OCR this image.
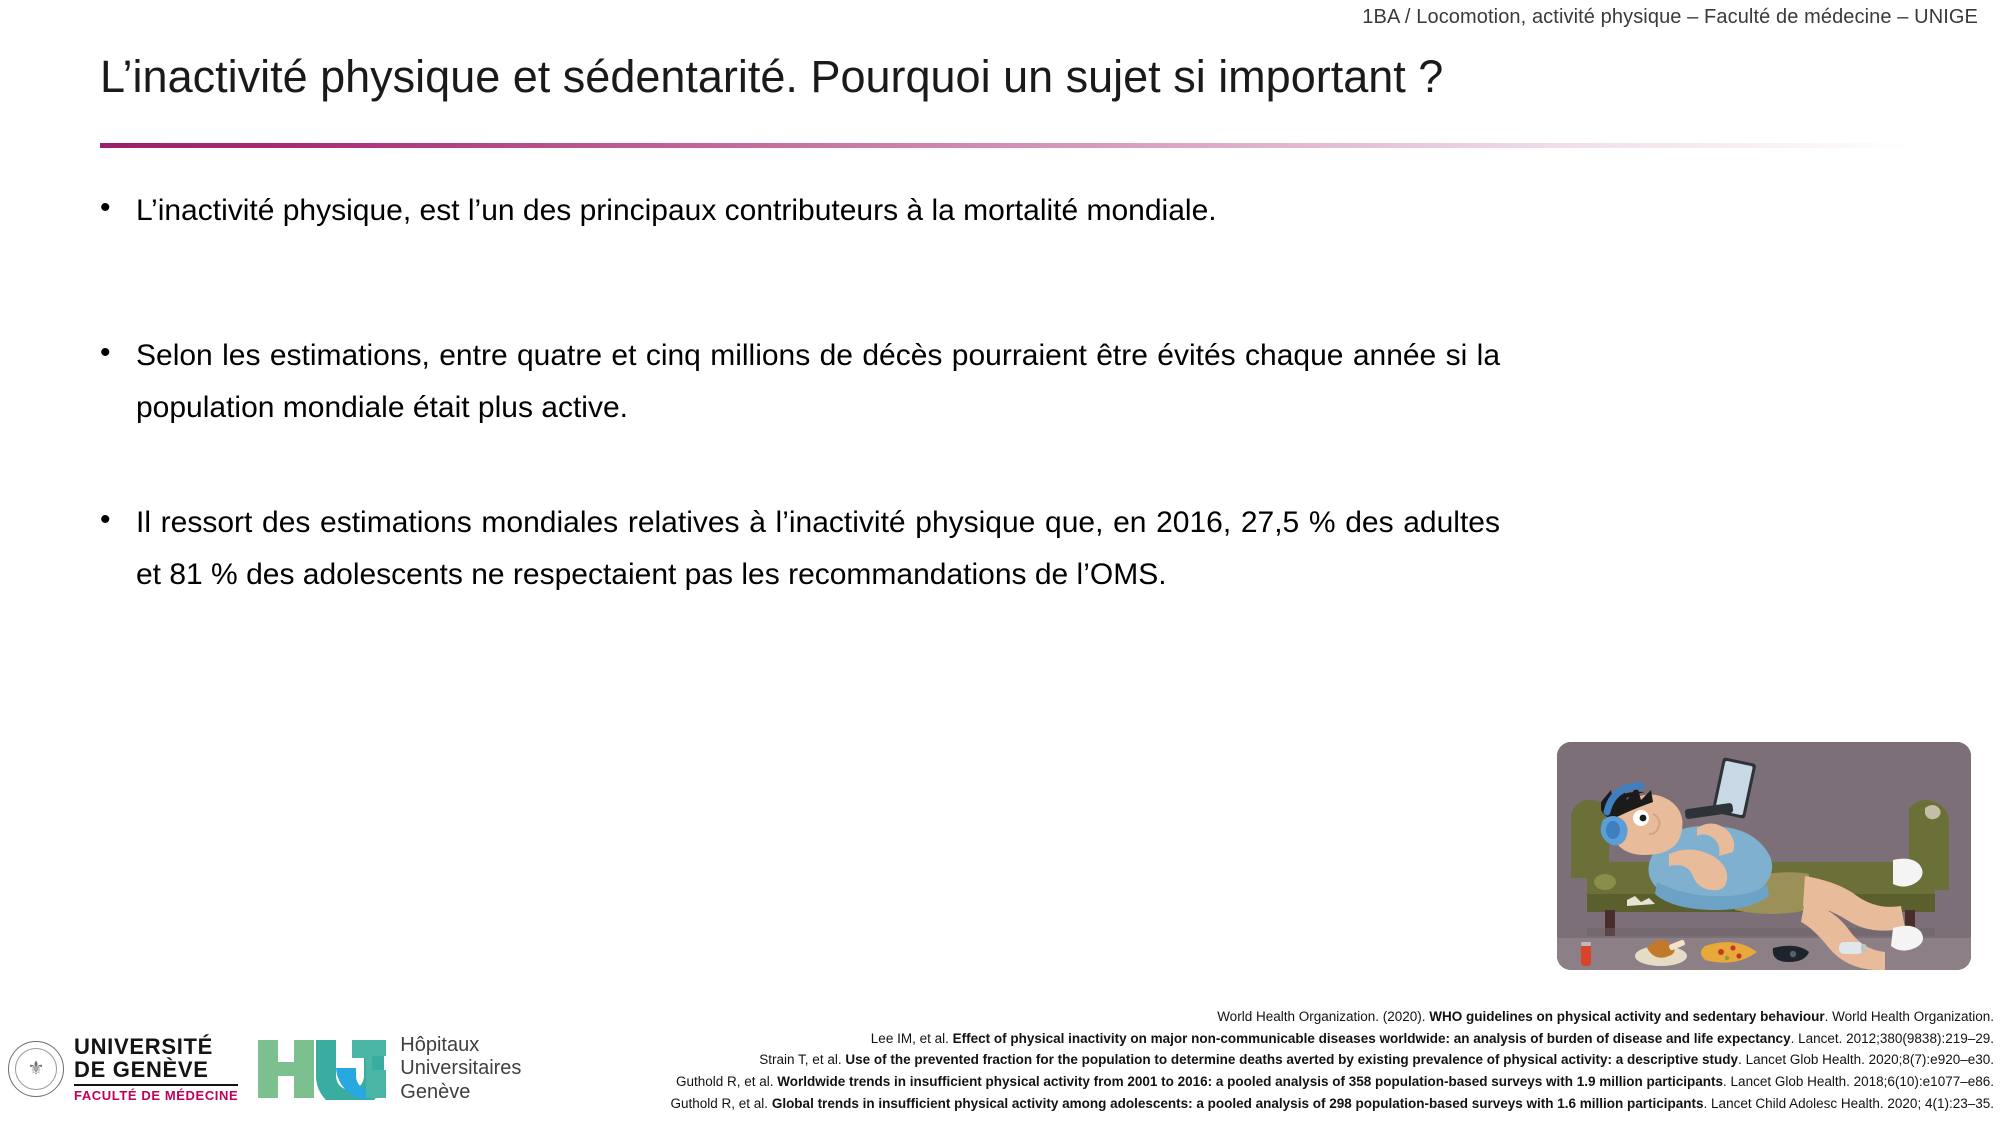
1BA / Locomotion, activité physique – Faculté de médecine – UNIGE
L’inactivité physique et sédentarité. Pourquoi un sujet si important ?
• L’inactivité physique, est l’un des principaux contributeurs à la mortalité mondiale.
• Selon les estimations, entre quatre et cinq millions de décès pourraient être évités chaque année si la population mondiale était plus active.
• Il ressort des estimations mondiales relatives à l’inactivité physique que, en 2016, 27,5 % des adultes et 81 % des adolescents ne respectaient pas les recommandations de l’OMS.
World Health Organization. (2020). WHO guidelines on physical activity and sedentary behaviour. World Health Organization.
Lee IM, et al. Effect of physical inactivity on major non-communicable diseases worldwide: an analysis of burden of disease and life expectancy. Lancet. 2012;380(9838):219–29.
Strain T, et al. Use of the prevented fraction for the population to determine deaths averted by existing prevalence of physical activity: a descriptive study. Lancet Glob Health. 2020;8(7):e920–e30.
Guthold R, et al. Worldwide trends in insufficient physical activity from 2001 to 2016: a pooled analysis of 358 population-based surveys with 1.9 million participants. Lancet Glob Health. 2018;6(10):e1077–e86.
Guthold R, et al. Global trends in insufficient physical activity among adolescents: a pooled analysis of 298 population-based surveys with 1.6 million participants. Lancet Child Adolesc Health. 2020; 4(1):23–35.
⚜
UNIVERSITÉ
DE GENÈVE
FACULTÉ DE MÉDECINE
Hôpitaux
Universitaires
Genève
